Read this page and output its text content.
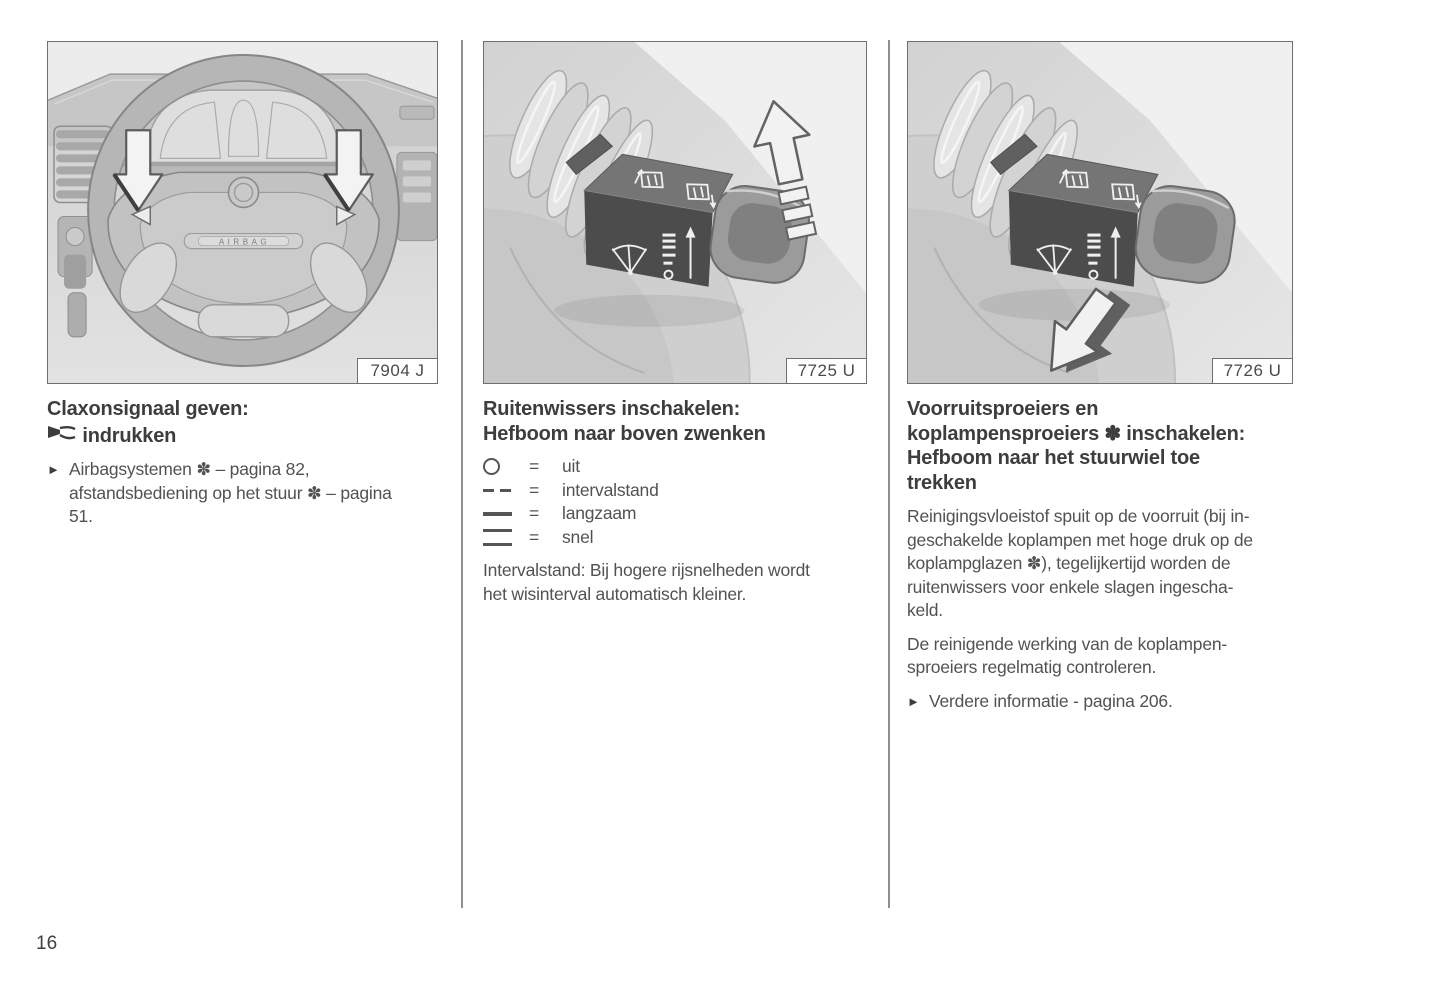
AIRBAG
7904 J
Claxonsignaal geven:
indrukken
► Airbagsystemen ✽ – pagina 82,
afstandsbediening op het stuur ✽ – pagina
51.
7725 U
Ruitenwissers inschakelen:
Hefboom naar boven zwenken
=	uit
=	intervalstand
=	langzaam
=	snel
Intervalstand: Bij hogere rijsnelheden wordt
het wisinterval automatisch kleiner.
7726 U
Voorruitsproeiers en
koplampensproeiers ✽ inschakelen:
Hefboom naar het stuurwiel toe
trekken
Reinigingsvloeistof spuit op de voorruit (bij in-
geschakelde koplampen met hoge druk op de
koplampglazen ✽), tegelijkertijd worden de
ruitenwissers voor enkele slagen ingescha-
keld.
De reinigende werking van de koplampen-
sproeiers regelmatig controleren.
► Verdere informatie - pagina 206.
16
